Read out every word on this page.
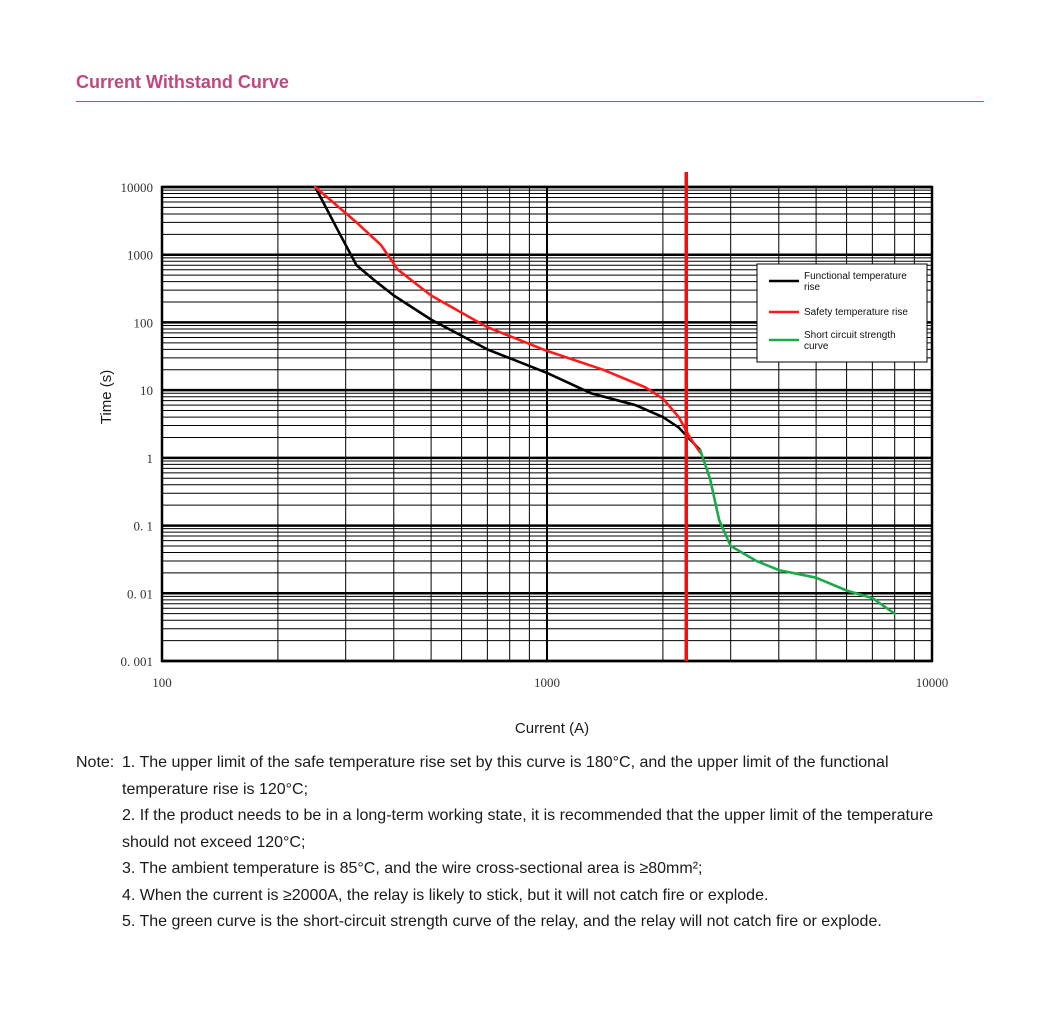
Current Withstand Curve
0. 001
0. 01
0. 1
1
10
100
1000
10000
100	1000	10000
Functional temperature rise
Safety temperature rise
Short circuit strength curve
Current (A)
Time (s)
Note: 1. The upper limit of the safe temperature rise set by this curve is 180°C, and the upper limit of the functional
temperature rise is 120°C;
2. If the product needs to be in a long-term working state, it is recommended that the upper limit of the temperature
should not exceed 120°C;
3. The ambient temperature is 85°C, and the wire cross-sectional area is ≥80mm²;
4. When the current is ≥2000A, the relay is likely to stick, but it will not catch fire or explode.
5. The green curve is the short-circuit strength curve of the relay, and the relay will not catch fire or explode.
